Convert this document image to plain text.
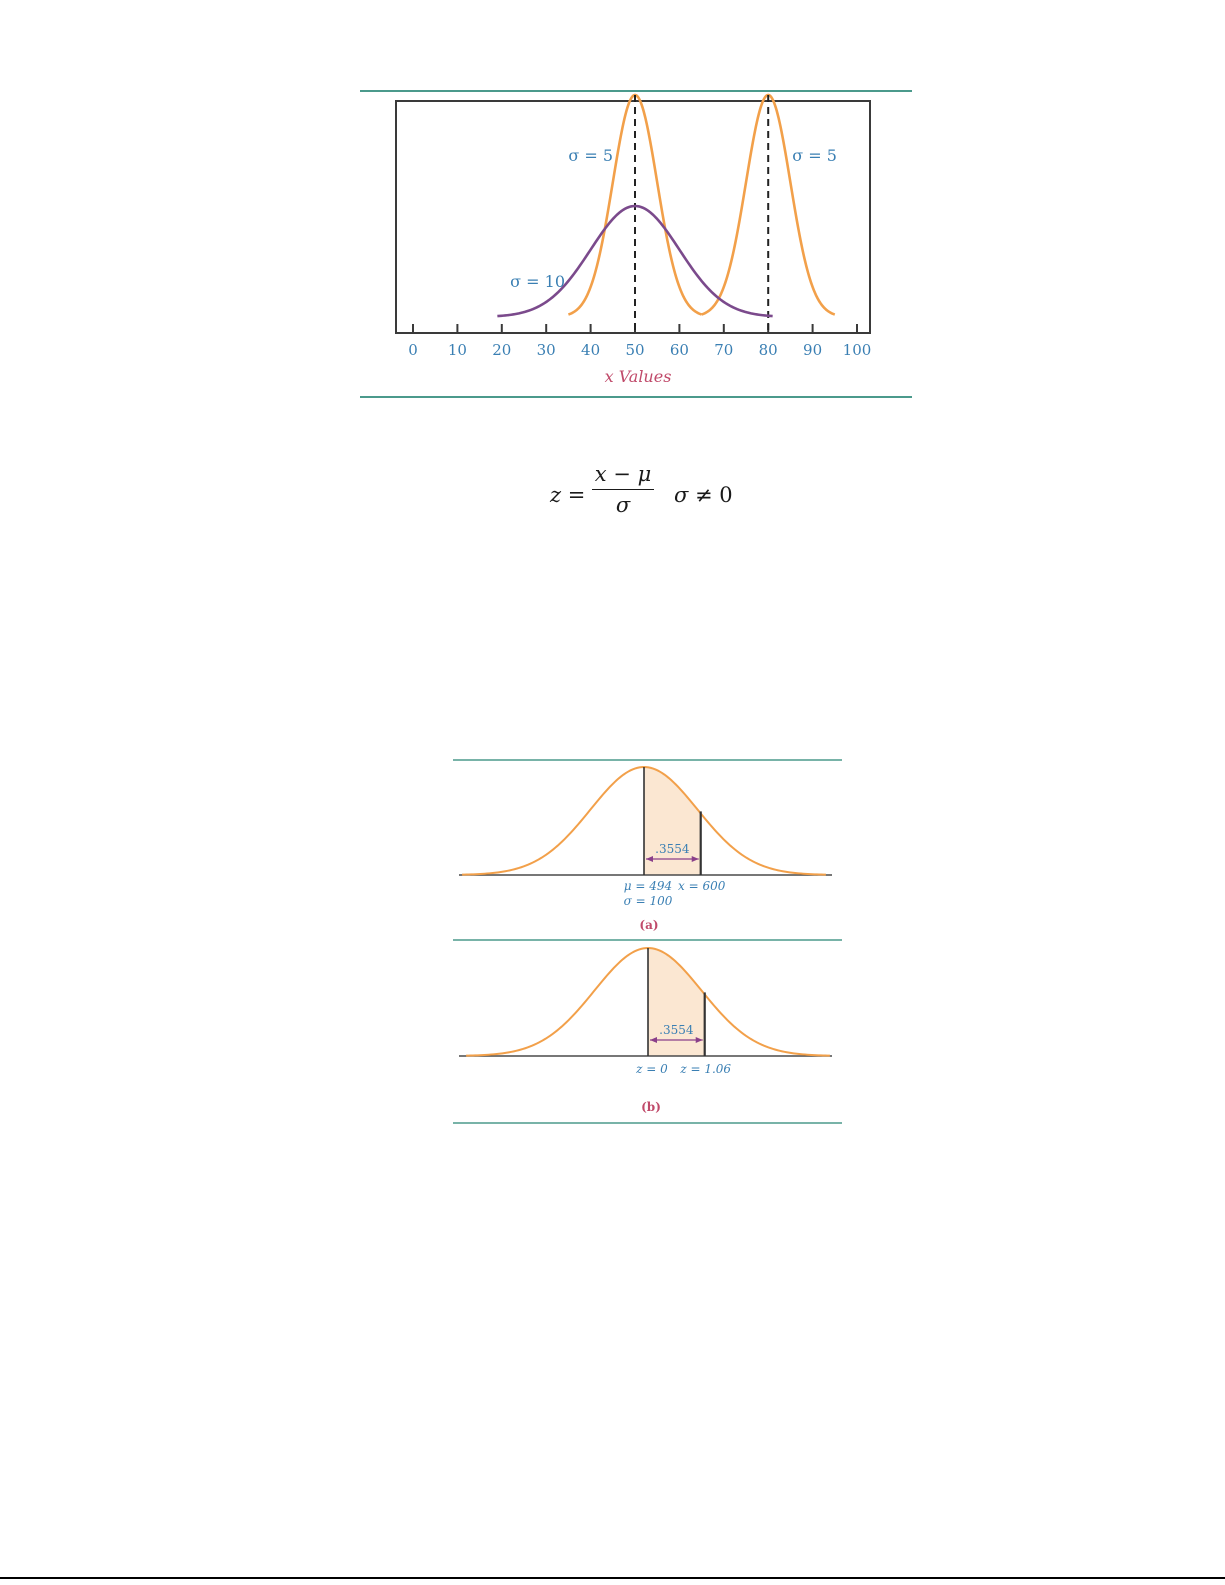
0 10 20 30 40 50 60 70 80 90 100
σ = 5	σ = 5
σ = 10
x Values
z =
x − μ
σ	σ ≠ 0
.3554
μ = 494
σ = 100
x = 600
(a)
.3554
z = 0 z = 1.06
(b)
